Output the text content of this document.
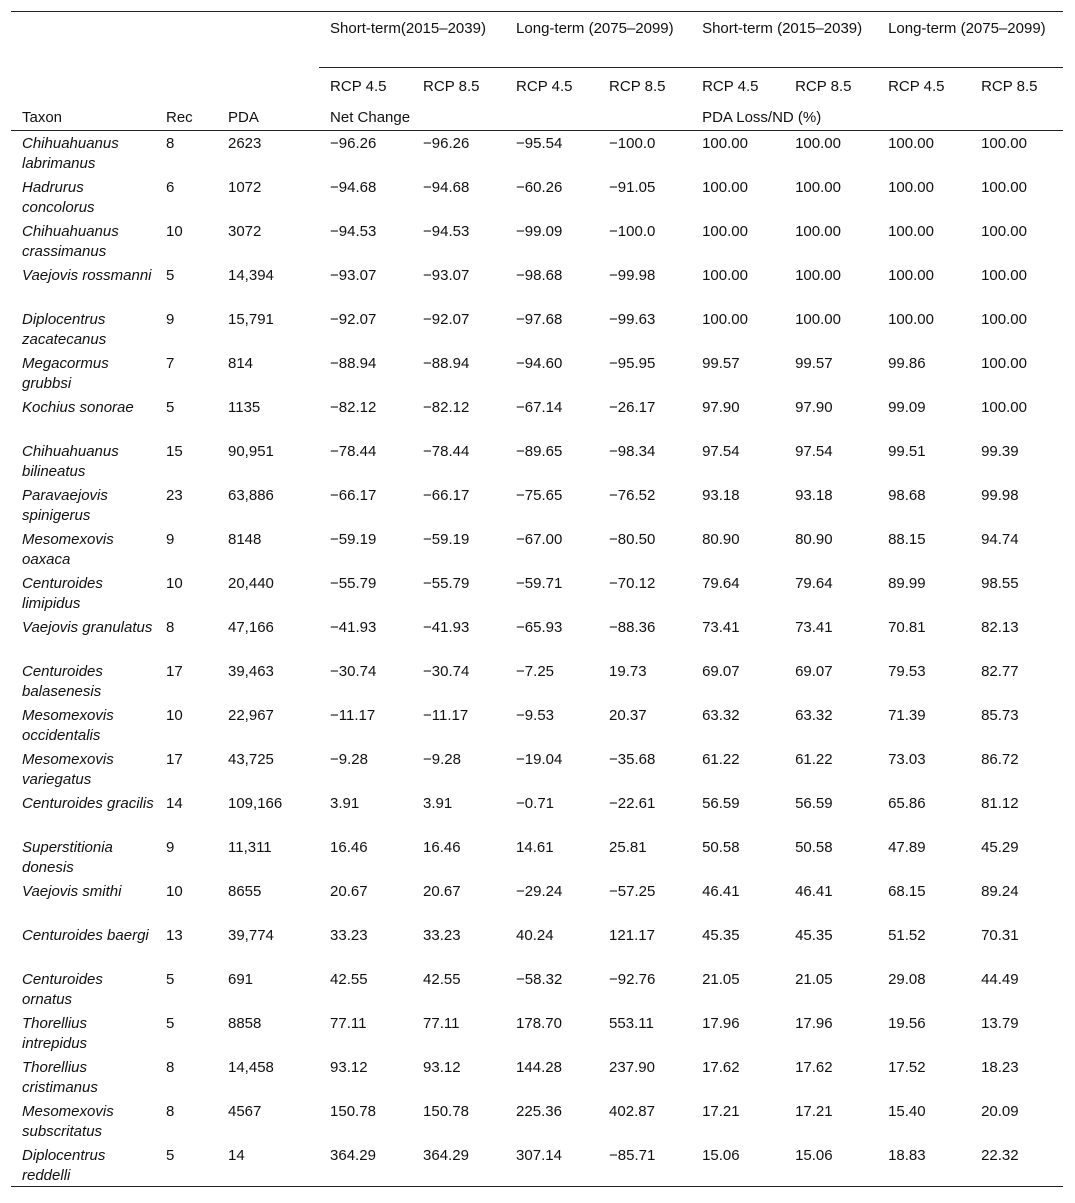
			Short-term(2015–2039)		Long-term (2075–2099)		Short-term (2015–2039)		Long-term (2075–2099)	
			RCP 4.5	RCP 8.5	RCP 4.5	RCP 8.5	RCP 4.5	RCP 8.5	RCP 4.5	RCP 8.5
Taxon	Rec	PDA	Net Change				PDA Loss/ND (%)			
Chihuahuanus labrimanus	8	2623	−96.26	−96.26	−95.54	−100.0	100.00	100.00	100.00	100.00
Hadrurus concolorus	6	1072	−94.68	−94.68	−60.26	−91.05	100.00	100.00	100.00	100.00
Chihuahuanus crassimanus	10	3072	−94.53	−94.53	−99.09	−100.0	100.00	100.00	100.00	100.00
Vaejovis rossmanni	5	14,394	−93.07	−93.07	−98.68	−99.98	100.00	100.00	100.00	100.00
Diplocentrus zacatecanus	9	15,791	−92.07	−92.07	−97.68	−99.63	100.00	100.00	100.00	100.00
Megacormus grubbsi	7	814	−88.94	−88.94	−94.60	−95.95	99.57	99.57	99.86	100.00
Kochius sonorae	5	1135	−82.12	−82.12	−67.14	−26.17	97.90	97.90	99.09	100.00
Chihuahuanus bilineatus	15	90,951	−78.44	−78.44	−89.65	−98.34	97.54	97.54	99.51	99.39
Paravaejovis spinigerus	23	63,886	−66.17	−66.17	−75.65	−76.52	93.18	93.18	98.68	99.98
Mesomexovis oaxaca	9	8148	−59.19	−59.19	−67.00	−80.50	80.90	80.90	88.15	94.74
Centuroides limipidus	10	20,440	−55.79	−55.79	−59.71	−70.12	79.64	79.64	89.99	98.55
Vaejovis granulatus	8	47,166	−41.93	−41.93	−65.93	−88.36	73.41	73.41	70.81	82.13
Centuroides balasenesis	17	39,463	−30.74	−30.74	−7.25	19.73	69.07	69.07	79.53	82.77
Mesomexovis occidentalis	10	22,967	−11.17	−11.17	−9.53	20.37	63.32	63.32	71.39	85.73
Mesomexovis variegatus	17	43,725	−9.28	−9.28	−19.04	−35.68	61.22	61.22	73.03	86.72
Centuroides gracilis	14	109,166	3.91	3.91	−0.71	−22.61	56.59	56.59	65.86	81.12
Superstitionia donesis	9	11,311	16.46	16.46	14.61	25.81	50.58	50.58	47.89	45.29
Vaejovis smithi	10	8655	20.67	20.67	−29.24	−57.25	46.41	46.41	68.15	89.24
Centuroides baergi	13	39,774	33.23	33.23	40.24	121.17	45.35	45.35	51.52	70.31
Centuroides ornatus	5	691	42.55	42.55	−58.32	−92.76	21.05	21.05	29.08	44.49
Thorellius intrepidus	5	8858	77.11	77.11	178.70	553.11	17.96	17.96	19.56	13.79
Thorellius cristimanus	8	14,458	93.12	93.12	144.28	237.90	17.62	17.62	17.52	18.23
Mesomexovis subscritatus	8	4567	150.78	150.78	225.36	402.87	17.21	17.21	15.40	20.09
Diplocentrus reddelli	5	14	364.29	364.29	307.14	−85.71	15.06	15.06	18.83	22.32
